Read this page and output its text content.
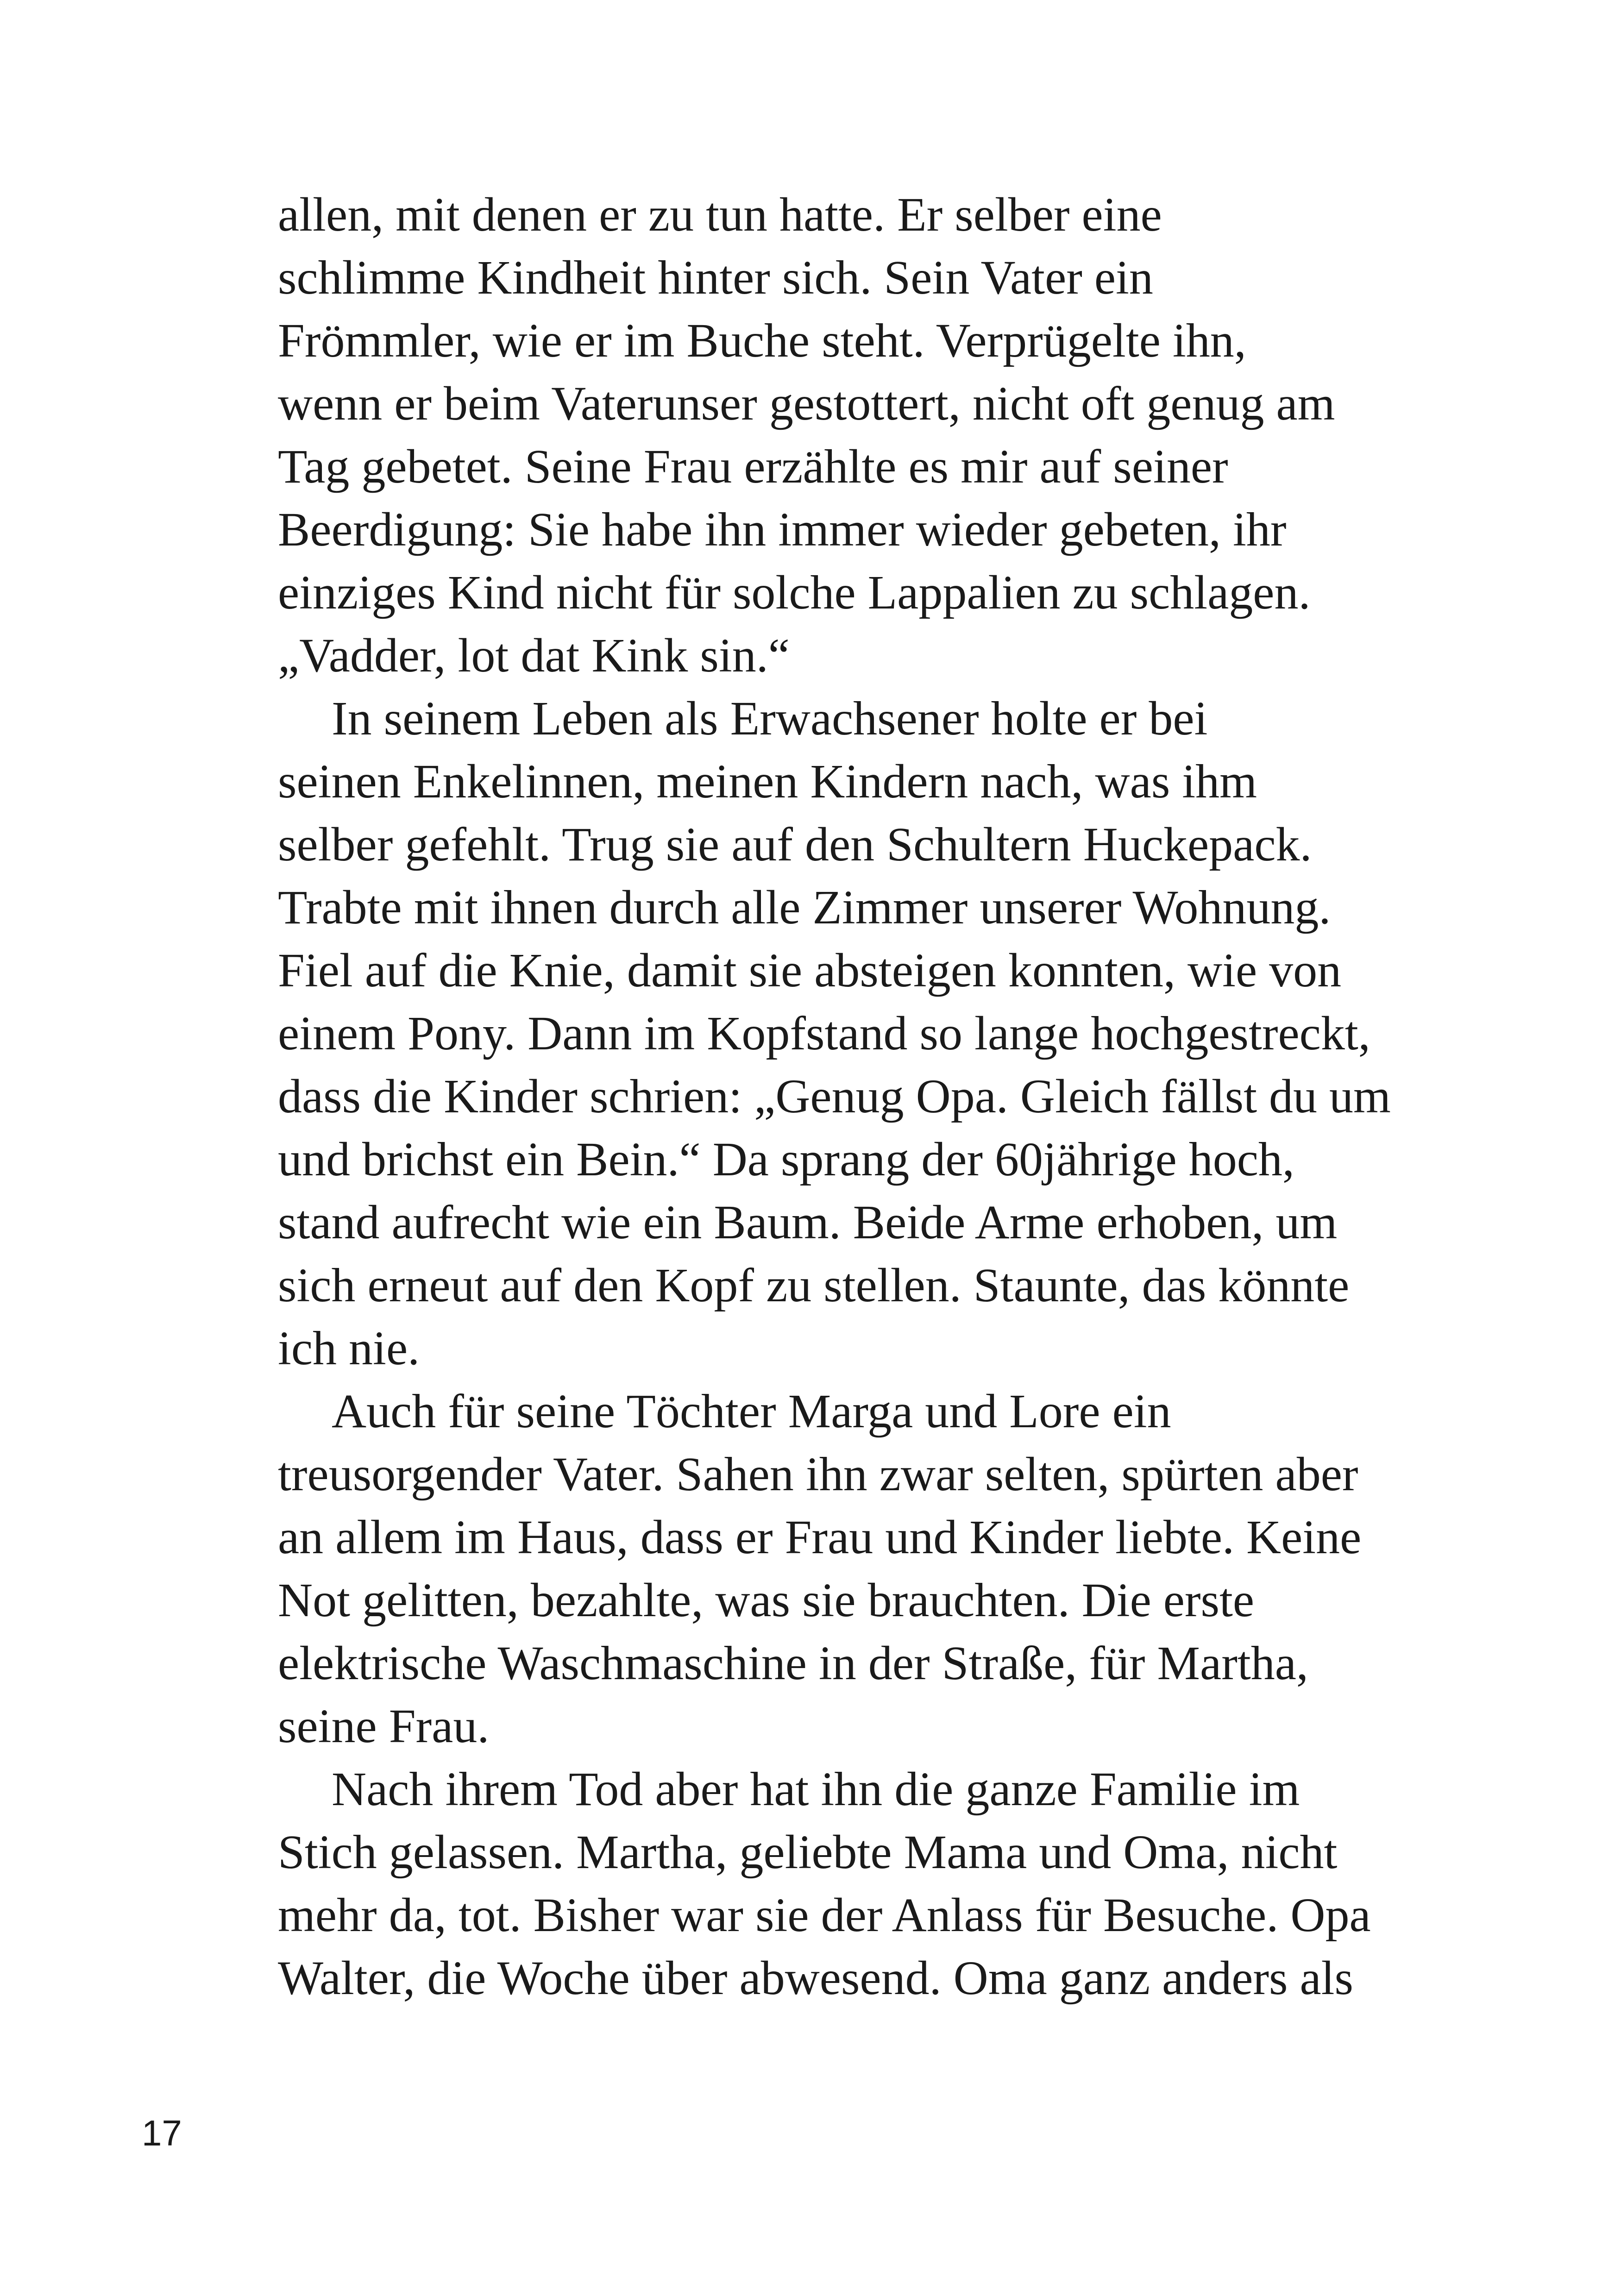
allen, mit denen er zu tun hatte. Er selber eine
schlimme Kindheit hinter sich. Sein Vater ein
Frömmler, wie er im Buche steht. Verprügelte ihn,
wenn er beim Vaterunser gestottert, nicht oft genug am
Tag gebetet. Seine Frau erzählte es mir auf seiner
Beerdigung: Sie habe ihn immer wieder gebeten, ihr
einziges Kind nicht für solche Lappalien zu schlagen.
„Vadder, lot dat Kink sin.“
In seinem Leben als Erwachsener holte er bei
seinen Enkelinnen, meinen Kindern nach, was ihm
selber gefehlt. Trug sie auf den Schultern Huckepack.
Trabte mit ihnen durch alle Zimmer unserer Wohnung.
Fiel auf die Knie, damit sie absteigen konnten, wie von
einem Pony. Dann im Kopfstand so lange hochgestreckt,
dass die Kinder schrien: „Genug Opa. Gleich fällst du um
und brichst ein Bein.“ Da sprang der 60jährige hoch,
stand aufrecht wie ein Baum. Beide Arme erhoben, um
sich erneut auf den Kopf zu stellen. Staunte, das könnte
ich nie.
Auch für seine Töchter Marga und Lore ein
treusorgender Vater. Sahen ihn zwar selten, spürten aber
an allem im Haus, dass er Frau und Kinder liebte. Keine
Not gelitten, bezahlte, was sie brauchten. Die erste
elektrische Waschmaschine in der Straße, für Martha,
seine Frau.
Nach ihrem Tod aber hat ihn die ganze Familie im
Stich gelassen. Martha, geliebte Mama und Oma, nicht
mehr da, tot. Bisher war sie der Anlass für Besuche. Opa
Walter, die Woche über abwesend. Oma ganz anders als
17
